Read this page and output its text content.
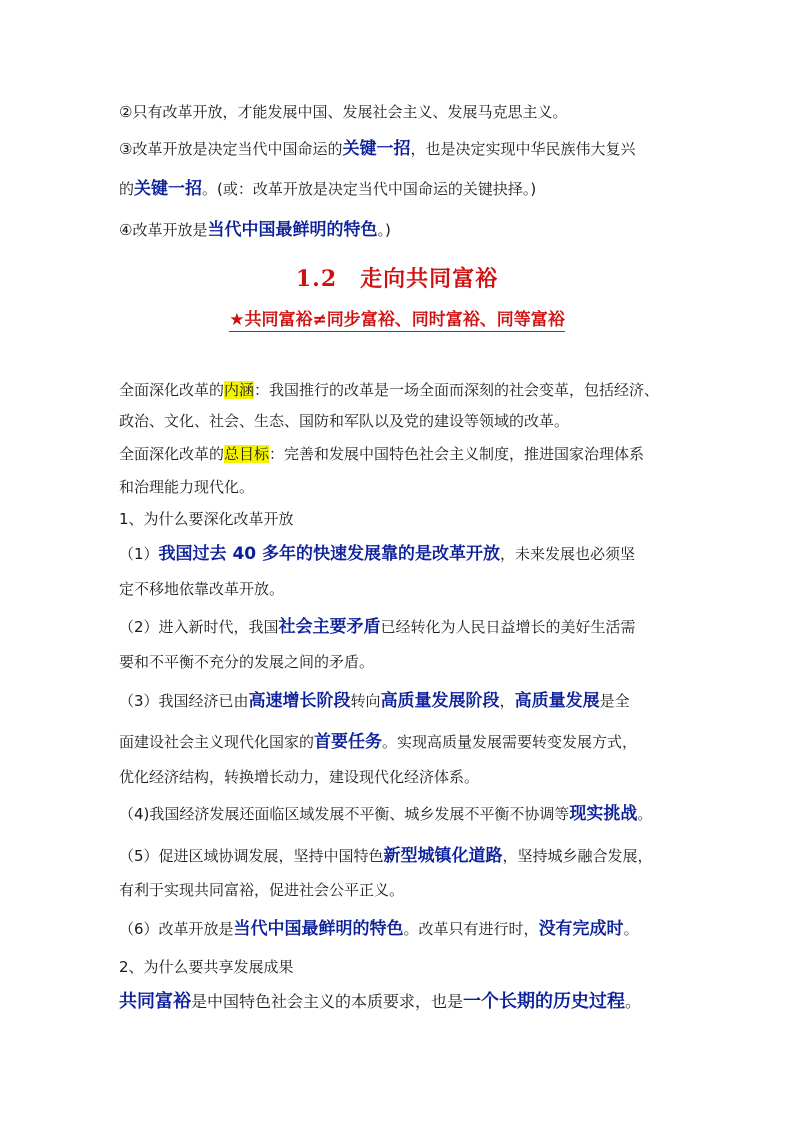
②只有改革开放，才能发展中国、发展社会主义、发展马克思主义。
③改革开放是决定当代中国命运的关键一招，也是决定实现中华民族伟大复兴
的关键一招。(或：改革开放是决定当代中国命运的关键抉择。)
④改革开放是当代中国最鲜明的特色。)
1.2　走向共同富裕
★共同富裕≠同步富裕、同时富裕、同等富裕
全面深化改革的内涵：我国推行的改革是一场全面而深刻的社会变革，包括经济、
政治、文化、社会、生态、国防和军队以及党的建设等领域的改革。
全面深化改革的总目标：完善和发展中国特色社会主义制度，推进国家治理体系
和治理能力现代化。
1、为什么要深化改革开放
（1）我国过去 40 多年的快速发展靠的是改革开放，未来发展也必须坚
定不移地依靠改革开放。
（2）进入新时代，我国社会主要矛盾已经转化为人民日益增长的美好生活需
要和不平衡不充分的发展之间的矛盾。
（3）我国经济已由高速增长阶段转向高质量发展阶段，高质量发展是全
面建设社会主义现代化国家的首要任务。实现高质量发展需要转变发展方式，
优化经济结构，转换增长动力，建设现代化经济体系。
（4)我国经济发展还面临区域发展不平衡、城乡发展不平衡不协调等现实挑战。
（5）促进区域协调发展，坚持中国特色新型城镇化道路，坚持城乡融合发展，
有利于实现共同富裕，促进社会公平正义。
（6）改革开放是当代中国最鲜明的特色。改革只有进行时，没有完成时。
2、为什么要共享发展成果
共同富裕是中国特色社会主义的本质要求，也是一个长期的历史过程。
